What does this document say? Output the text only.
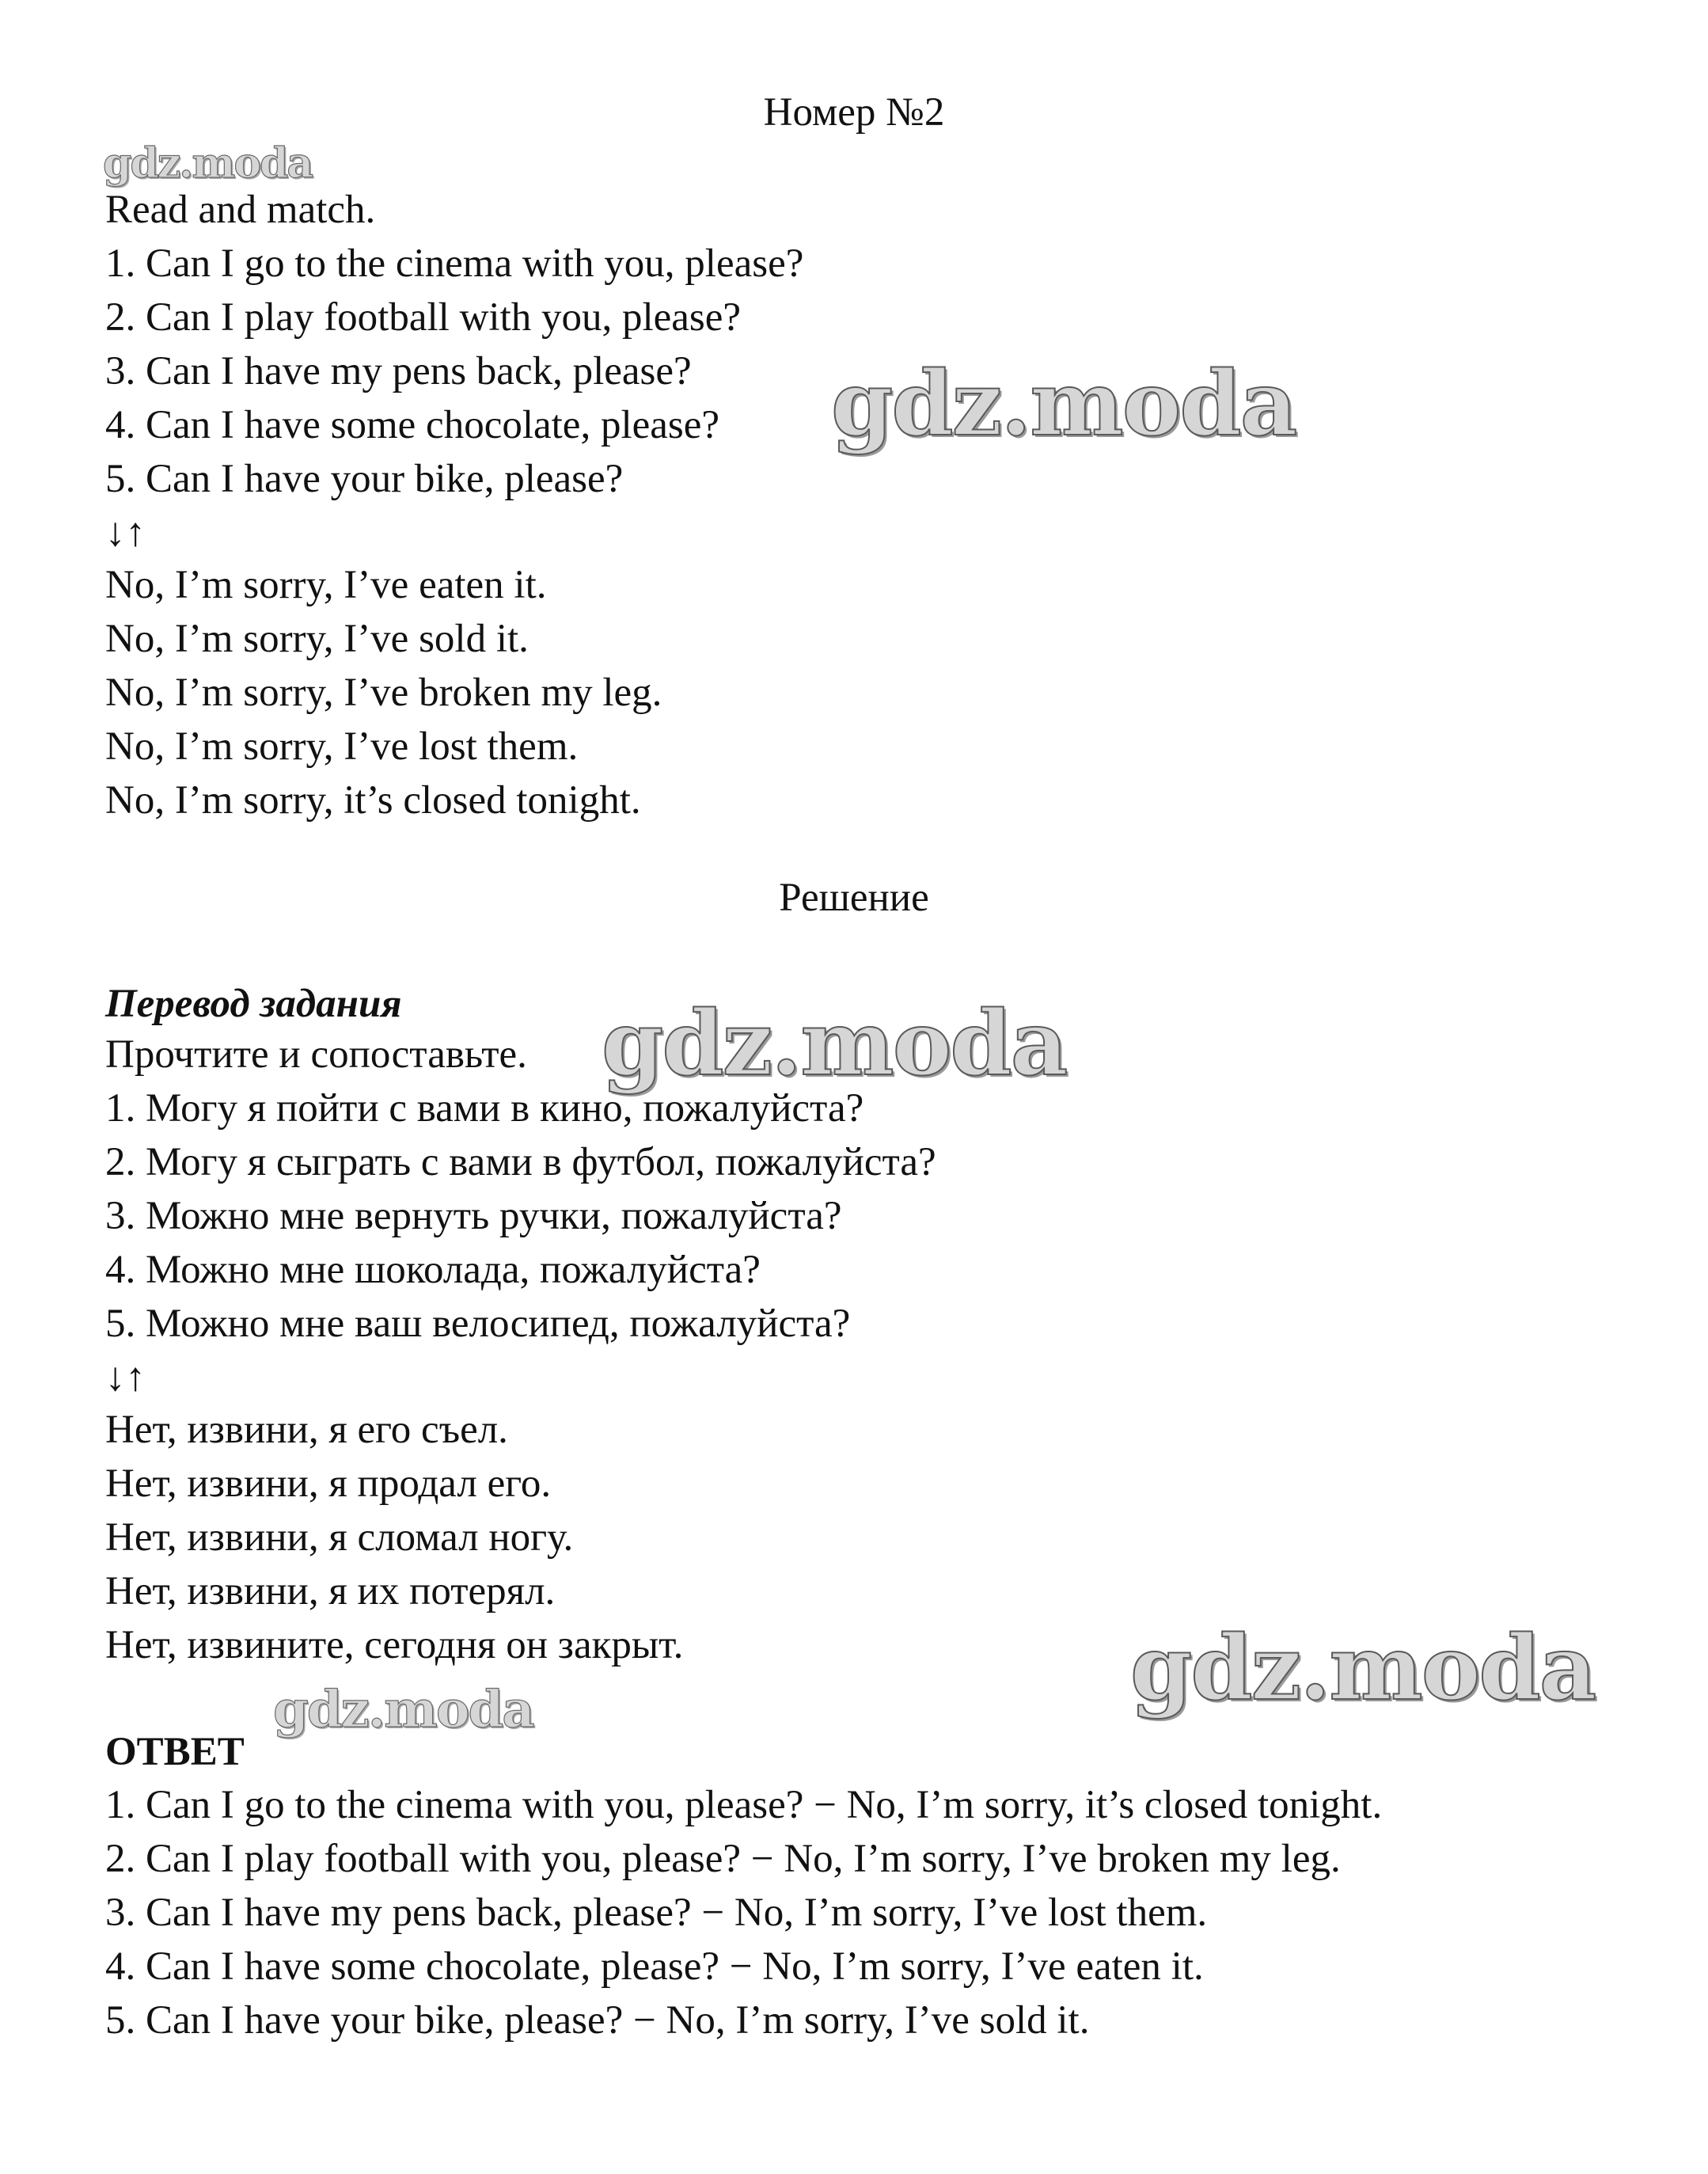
Номер №2
gdz.moda
gdz.moda
gdz.moda
gdz.moda
gdz.moda
Read and match.
1. Can I go to the cinema with you, please?
2. Can I play football with you, please?
3. Can I have my pens back, please?
4. Can I have some chocolate, please?
5. Can I have your bike, please?
↓↑
No, I’m sorry, I’ve eaten it.
No, I’m sorry, I’ve sold it.
No, I’m sorry, I’ve broken my leg.
No, I’m sorry, I’ve lost them.
No, I’m sorry, it’s closed tonight.
Решение
Перевод задания
Прочтите и сопоставьте.
1. Могу я пойти с вами в кино, пожалуйста?
2. Могу я сыграть с вами в футбол, пожалуйста?
3. Можно мне вернуть ручки, пожалуйста?
4. Можно мне шоколада, пожалуйста?
5. Можно мне ваш велосипед, пожалуйста?
↓↑
Нет, извини, я его съел.
Нет, извини, я продал его.
Нет, извини, я сломал ногу.
Нет, извини, я их потерял.
Нет, извините, сегодня он закрыт.
ОТВЕТ
1. Can I go to the cinema with you, please? − No, I’m sorry, it’s closed tonight.
2. Can I play football with you, please? − No, I’m sorry, I’ve broken my leg.
3. Can I have my pens back, please? − No, I’m sorry, I’ve lost them.
4. Can I have some chocolate, please? − No, I’m sorry, I’ve eaten it.
5. Can I have your bike, please? − No, I’m sorry, I’ve sold it.
